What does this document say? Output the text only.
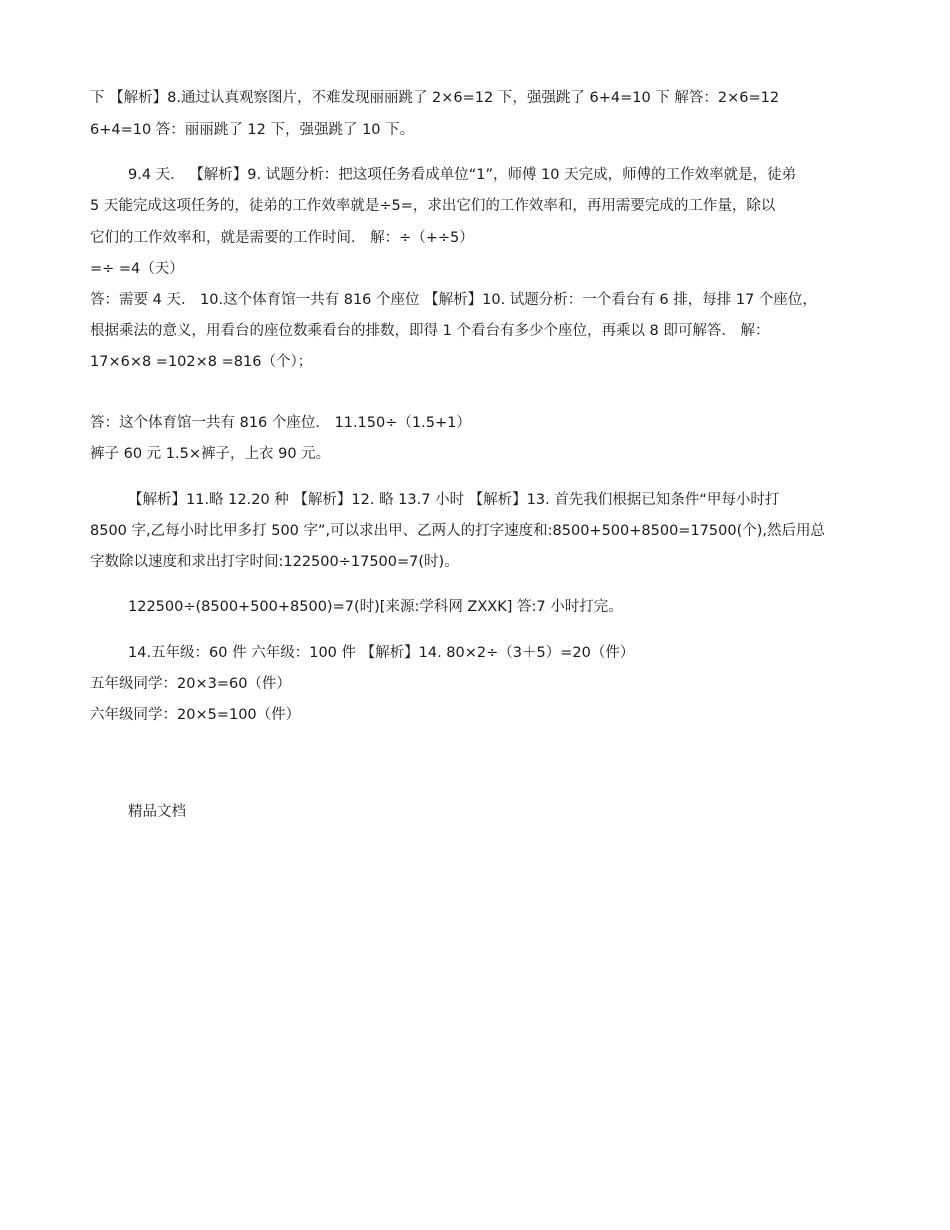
下 【解析】8.通过认真观察图片，不难发现丽丽跳了 2×6=12 下，强强跳了 6+4=10 下 解答：2×6=12
6+4=10 答：丽丽跳了 12 下，强强跳了 10 下。
9.4 天． 【解析】9. 试题分析：把这项任务看成单位“1”，师傅 10 天完成，师傅的工作效率就是，徒弟
5 天能完成这项任务的，徒弟的工作效率就是÷5=，求出它们的工作效率和，再用需要完成的工作量，除以
它们的工作效率和，就是需要的工作时间． 解：÷（+÷5）
=÷ =4（天）
答：需要 4 天． 10.这个体育馆一共有 816 个座位 【解析】10. 试题分析：一个看台有 6 排，每排 17 个座位，
根据乘法的意义，用看台的座位数乘看台的排数，即得 1 个看台有多少个座位，再乘以 8 即可解答． 解：
17×6×8 =102×8 =816（个）；
答：这个体育馆一共有 816 个座位． 11.150÷（1.5+1）
裤子 60 元 1.5×裤子，上衣 90 元。
【解析】11.略 12.20 种 【解析】12. 略 13.7 小时 【解析】13. 首先我们根据已知条件“甲每小时打
8500 字,乙每小时比甲多打 500 字”,可以求出甲、乙两人的打字速度和:8500+500+8500=17500(个),然后用总
字数除以速度和求出打字时间:122500÷17500=7(时)。
122500÷(8500+500+8500)=7(时)[来源:学科网 ZXXK] 答:7 小时打完。
14.五年级：60 件 六年级：100 件 【解析】14. 80×2÷（3＋5）=20（件）
五年级同学：20×3=60（件）
六年级同学：20×5=100（件）
精品文档
